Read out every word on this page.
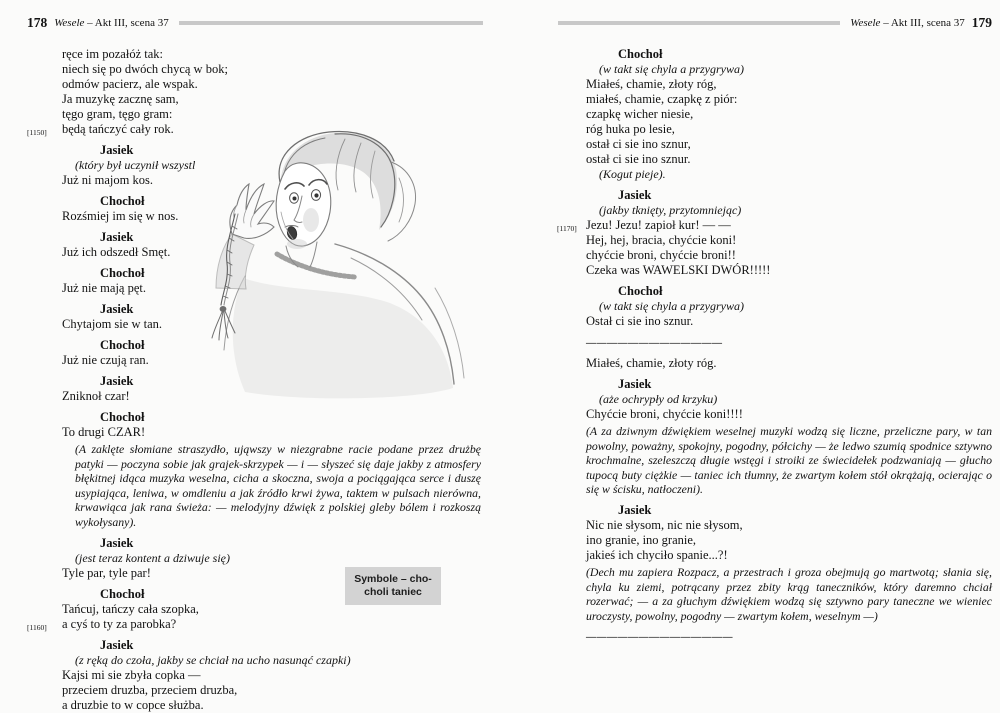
178 Wesele – Akt III, scena 37
ręce im pozałóż tak:
niech się po dwóch chycą w bok;
odmów pacierz, ale wspak.
Ja muzykę zacznę sam,
tęgo gram, tęgo gram:
[1150] będą tańczyć cały rok.
Jasiek
(który był uczynił wszystl
Już ni majom kos.
Chochoł
Rozśmiej im się w nos.
Jasiek
Już ich odszedł Smęt.
Chochoł
Już nie mają pęt.
Jasiek
Chytajom sie w tan.
Chochoł
Już nie czują ran.
Jasiek
Zniknoł czar!
Chochoł
To drugi CZAR!
(A zaklęte słomiane straszydło, ująwszy w niezgrabne racie podane przez drużbę patyki — poczyna sobie jak grajek-skrzypek — i — słyszeć się daje jakby z atmosfery błękitnej idąca muzyka weselna, cicha a skoczna, swoja a pociągająca serce i duszę usypiająca, leniwa, w omdleniu a jak źródło krwi żywa, taktem w pulsach nierówna, krwawiąca jak rana świeża: — melodyjny dźwięk z polskiej gleby bólem i rozkoszą wykołysany).
Jasiek
(jest teraz kontent a dziwuje się)
Tyle par, tyle par!
Chochoł
Tańcuj, tańczy cała szopka,
[1160] a cyś to ty za parobka?
Jasiek
(z ręką do czoła, jakby se chciał na ucho nasunąć czapki)
Kajsi mi sie zbyła copka —
przeciem druzba, przeciem druzba,
a druzbie to w copce służba.
Symbole – cho-
choli taniec
Wesele – Akt III, scena 37 179
Chochoł
(w takt się chyla a przygrywa)
Miałeś, chamie, złoty róg,
miałeś, chamie, czapkę z piór:
czapkę wicher niesie,
róg huka po lesie,
ostał ci sie ino sznur,
ostał ci sie ino sznur.
(Kogut pieje).
Jasiek
(jakby tknięty, przytomniejąc)
[1170] Jezu! Jezu! zapioł kur! — —
Hej, hej, bracia, chyćcie koni!
chyćcie broni, chyćcie broni!!
Czeka was WAWELSKI DWÓR!!!!!
Chochoł
(w takt się chyla a przygrywa)
Ostał ci sie ino sznur.
— — — — — — — — — — — — —
Miałeś, chamie, złoty róg.
Jasiek
(aże ochrypły od krzyku)
Chyćcie broni, chyćcie koni!!!!
(A za dziwnym dźwiękiem weselnej muzyki wodzą się liczne, przeliczne pary, w tan powolny, poważny, spokojny, pogodny, półcichy — że ledwo szumią spodnice sztywno krochmalne, szeleszczą długie wstęgi i stroiki ze świecidełek podzwaniają — głucho tupocą buty ciężkie — taniec ich tłumny, że zwartym kołem stół okrążają, ocierając o się w ścisku, natłoczeni).
Jasiek
Nic nie słysom, nic nie słysom,
ino granie, ino granie,
jakieś ich chyciło spanie...?!
(Dech mu zapiera Rozpacz, a przestrach i groza obejmują go martwotą; słania się, chyla ku ziemi, potrącany przez zbity krąg taneczników, który daremno chciał rozerwać; — a za głuchym dźwiękiem wodzą się sztywno pary taneczne we wieniec uroczysty, powolny, pogodny — zwartym kołem, weselnym —)
— — — — — — — — — — — — — —
